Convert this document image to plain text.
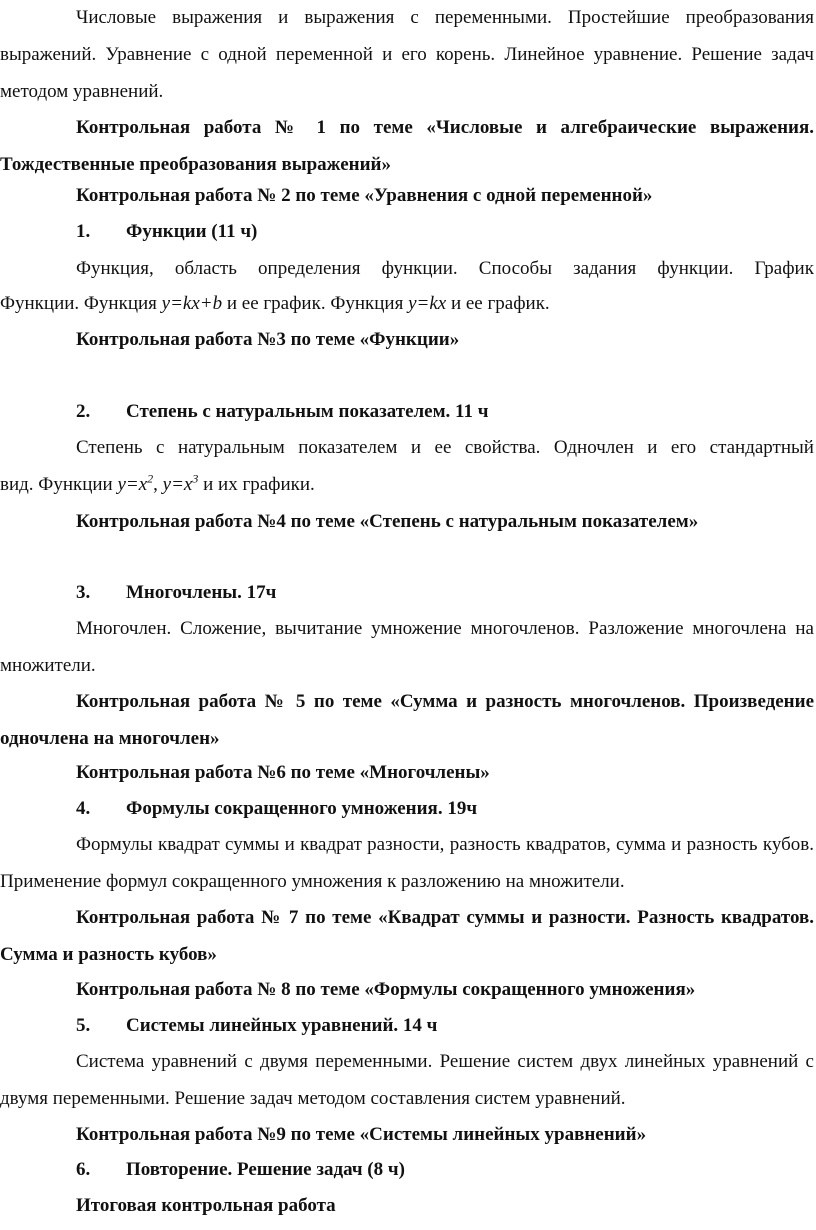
Числовые выражения и выражения с переменными. Простейшие преобразования выражений. Уравнение с одной переменной и его корень. Линейное уравнение. Решение задач методом уравнений.

Контрольная работа № 1 по теме «Числовые и алгебраические выражения. Тождественные преобразования выражений»

Контрольная работа № 2 по теме «Уравнения с одной переменной»
1. Функции (11 ч)
Функция, область определения функции. Способы задания функции. График
Функции. Функция y=kx+b и ее график. Функция y=kx и ее график.
Контрольная работа №3 по теме «Функции»
2. Степень с натуральным показателем. 11 ч
Степень с натуральным показателем и ее свойства. Одночлен и его стандартный
вид. Функции $y=x^2$, $y=x^3$ и их графики.
Контрольная работа №4 по теме «Степень с натуральным показателем»
3. Многочлены. 17ч

Многочлен. Сложение, вычитание умножение многочленов. Разложение многочлена на множители.

Контрольная работа № 5 по теме «Сумма и разность многочленов. Произведение одночлена на многочлен»

Контрольная работа №6 по теме «Многочлены»
4. Формулы сокращенного умножения. 19ч

Формулы квадрат суммы и квадрат разности, разность квадратов, сумма и разность кубов. Применение формул сокращенного умножения к разложению на множители.

Контрольная работа № 7 по теме «Квадрат суммы и разности. Разность квадратов. Сумма и разность кубов»

Контрольная работа № 8 по теме «Формулы сокращенного умножения»
5. Системы линейных уравнений. 14 ч

Система уравнений с двумя переменными. Решение систем двух линейных уравнений с двумя переменными. Решение задач методом составления систем уравнений.

Контрольная работа №9 по теме «Системы линейных уравнений»
6. Повторение. Решение задач (8 ч)
Итоговая контрольная работа
